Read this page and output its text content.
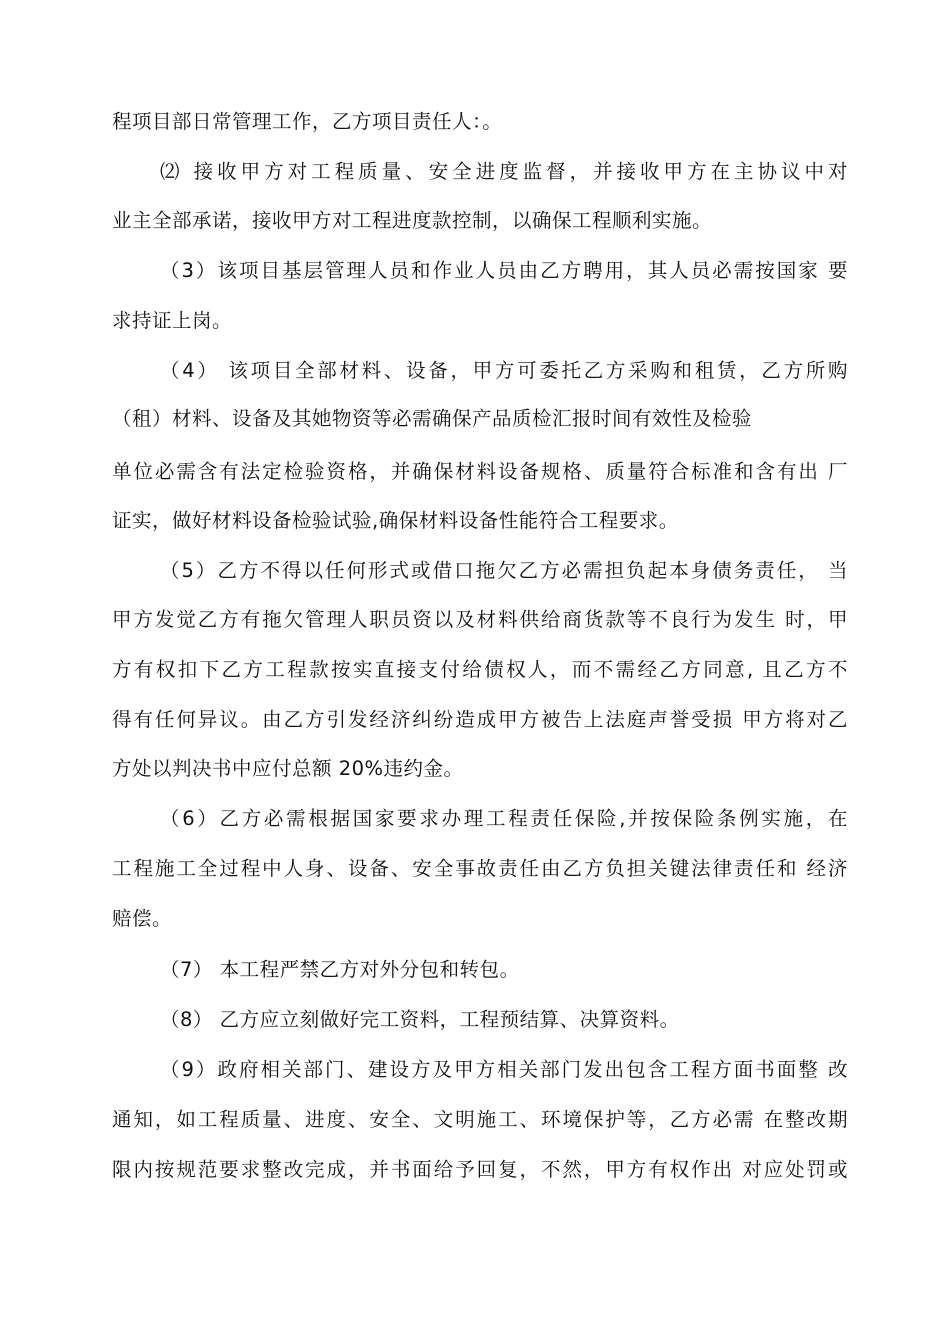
程项目部日常管理工作，乙方项目责任人：。
⑵ 接收甲方对工程质量、安全进度监督，并接收甲方在主协议中对
业主全部承诺，接收甲方对工程进度款控制，以确保工程顺利实施。
（3）该项目基层管理人员和作业人员由乙方聘用，其人员必需按国家 要
求持证上岗。
（4） 该项目全部材料、设备，甲方可委托乙方采购和租赁，乙方所购
（租）材料、设备及其她物资等必需确保产品质检汇报时间有效性及检验
单位必需含有法定检验资格，并确保材料设备规格、质量符合标准和含有出 厂
证实，做好材料设备检验试验,确保材料设备性能符合工程要求。
（5）乙方不得以任何形式或借口拖欠乙方必需担负起本身债务责任， 当
甲方发觉乙方有拖欠管理人职员资以及材料供给商货款等不良行为发生 时，甲
方有权扣下乙方工程款按实直接支付给债权人，而不需经乙方同意, 且乙方不
得有任何异议。由乙方引发经济纠纷造成甲方被告上法庭声誉受损 甲方将对乙
方处以判决书中应付总额 20%违约金。
（6）乙方必需根据国家要求办理工程责任保险,并按保险条例实施，在
工程施工全过程中人身、设备、安全事故责任由乙方负担关键法律责任和 经济
赔偿。
（7） 本工程严禁乙方对外分包和转包。
（8） 乙方应立刻做好完工资料，工程预结算、决算资料。
（9）政府相关部门、建设方及甲方相关部门发出包含工程方面书面整 改
通知，如工程质量、进度、安全、文明施工、环境保护等，乙方必需 在整改期
限内按规范要求整改完成，并书面给予回复，不然，甲方有权作出 对应处罚或
